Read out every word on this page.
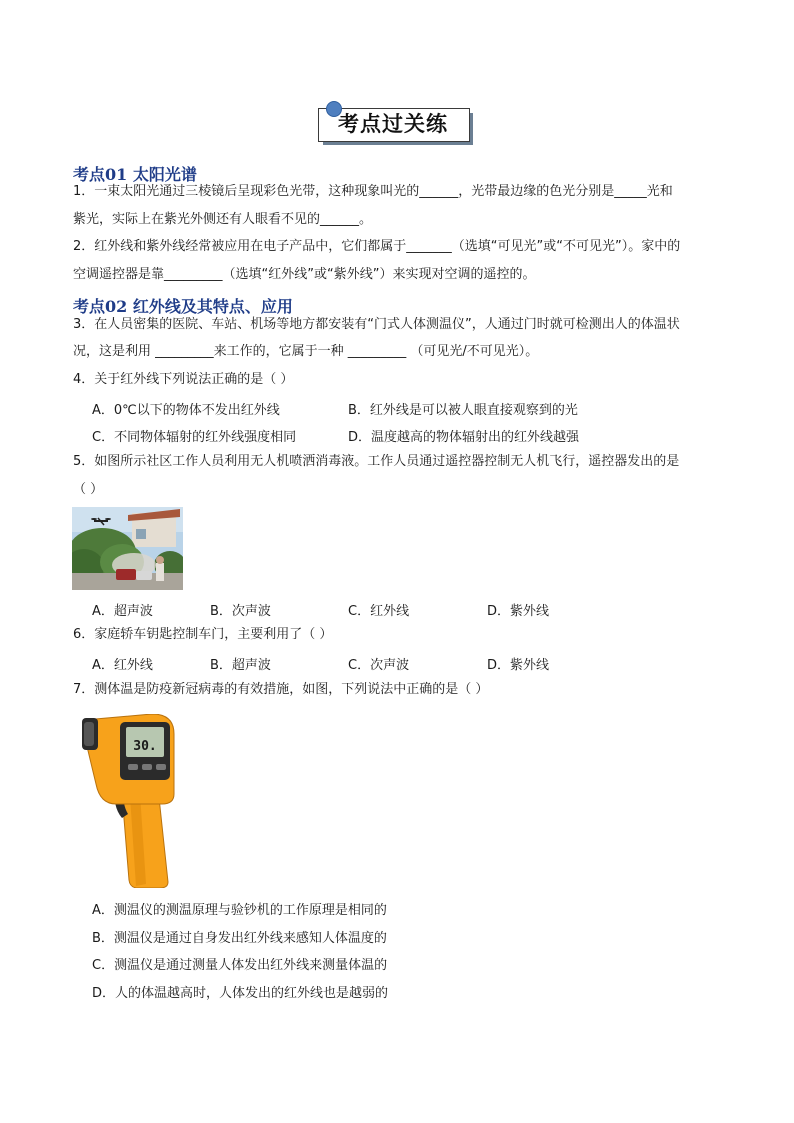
考点过关练
考点01 太阳光谱
1．一束太阳光通过三棱镜后呈现彩色光带，这种现象叫光的______，光带最边缘的色光分别是_____光和
紫光，实际上在紫光外侧还有人眼看不见的______。
2．红外线和紫外线经常被应用在电子产品中，它们都属于_______（选填“可见光”或“不可见光”）。家中的
空调遥控器是靠_________（选填“红外线”或“紫外线”）来实现对空调的遥控的。
考点02 红外线及其特点、应用
3．在人员密集的医院、车站、机场等地方都安装有“门式人体测温仪”，人通过门时就可检测出人的体温状
况，这是利用 _________来工作的，它属于一种 _________ （可见光/不可见光）。
4．关于红外线下列说法正确的是（ ）
A．0℃以下的物体不发出红外线	B．红外线是可以被人眼直接观察到的光
C．不同物体辐射的红外线强度相同	D．温度越高的物体辐射出的红外线越强
5．如图所示社区工作人员利用无人机喷洒消毒液。工作人员通过遥控器控制无人机飞行，遥控器发出的是
（ ）
A．超声波	B．次声波	C．红外线	D．紫外线
6．家庭轿车钥匙控制车门，主要利用了（ ）
A．红外线	B．超声波	C．次声波	D．紫外线
7．测体温是防疫新冠病毒的有效措施，如图，下列说法中正确的是（ ）
30.
A．测温仪的测温原理与验钞机的工作原理是相同的
B．测温仪是通过自身发出红外线来感知人体温度的
C．测温仪是通过测量人体发出红外线来测量体温的
D．人的体温越高时，人体发出的红外线也是越弱的
